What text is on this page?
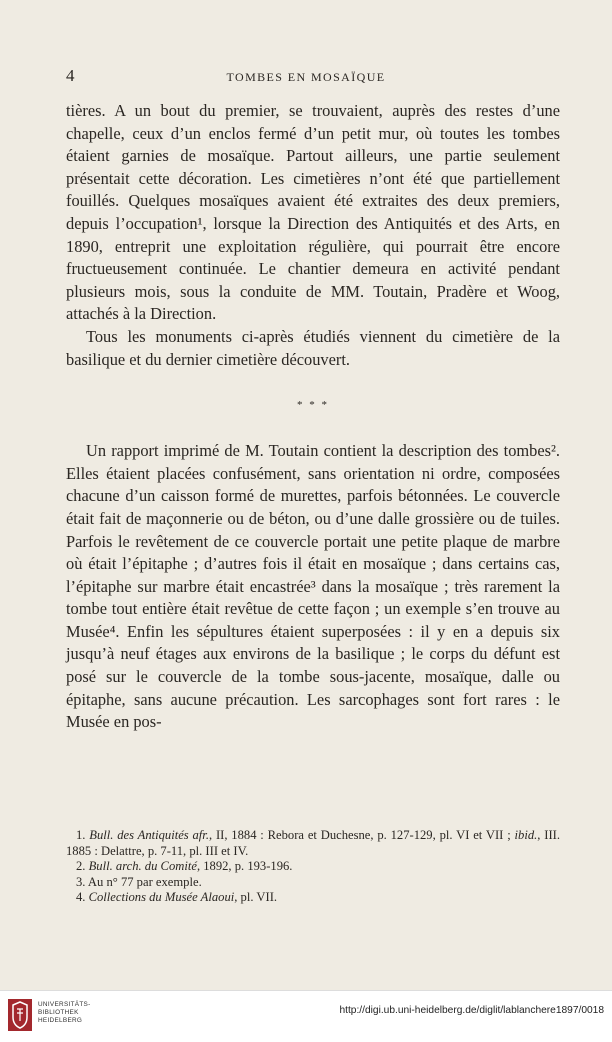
4	TOMBES EN MOSAÏQUE

tières. A un bout du premier, se trouvaient, auprès des restes d’une chapelle, ceux d’un enclos fermé d’un petit mur, où toutes les tombes étaient garnies de mosaïque. Partout ailleurs, une partie seulement présentait cette décoration. Les cimetières n’ont été que partiellement fouillés. Quelques mosaïques avaient été extraites des deux premiers, depuis l’occupation¹, lorsque la Direction des Antiquités et des Arts, en 1890, entreprit une exploitation régulière, qui pourrait être encore fructueusement continuée. Le chantier demeura en activité pendant plusieurs mois, sous la conduite de MM. Toutain, Pradère et Woog, attachés à la Direction.

Tous les monuments ci-après étudiés viennent du cimetière de la basilique et du dernier cimetière découvert.

* * *

Un rapport imprimé de M. Toutain contient la description des tombes². Elles étaient placées confusément, sans orientation ni ordre, composées chacune d’un caisson formé de murettes, parfois bétonnées. Le couvercle était fait de maçonnerie ou de béton, ou d’une dalle grossière ou de tuiles. Parfois le revêtement de ce couvercle portait une petite plaque de marbre où était l’épitaphe ; d’autres fois il était en mosaïque ; dans certains cas, l’épitaphe sur marbre était encastrée³ dans la mosaïque ; très rarement la tombe tout entière était revêtue de cette façon ; un exemple s’en trouve au Musée⁴. Enfin les sépultures étaient superposées : il y en a depuis six jusqu’à neuf étages aux environs de la basilique ; le corps du défunt est posé sur le couvercle de la tombe sous-jacente, mosaïque, dalle ou épitaphe, sans aucune précaution. Les sarcophages sont fort rares : le Musée en pos-

1. Bull. des Antiquités afr., II, 1884 : Rebora et Duchesne, p. 127-129, pl. VI et VII ; ibid., III. 1885 : Delattre, p. 7-11, pl. III et IV.

2. Bull. arch. du Comité, 1892, p. 193-196.

3. Au n° 77 par exemple.

4. Collections du Musée Alaoui, pl. VII.

UNIVERSITÄTS-
BIBLIOTHEK
HEIDELBERG
http://digi.ub.uni-heidelberg.de/diglit/lablanchere1897/0018
